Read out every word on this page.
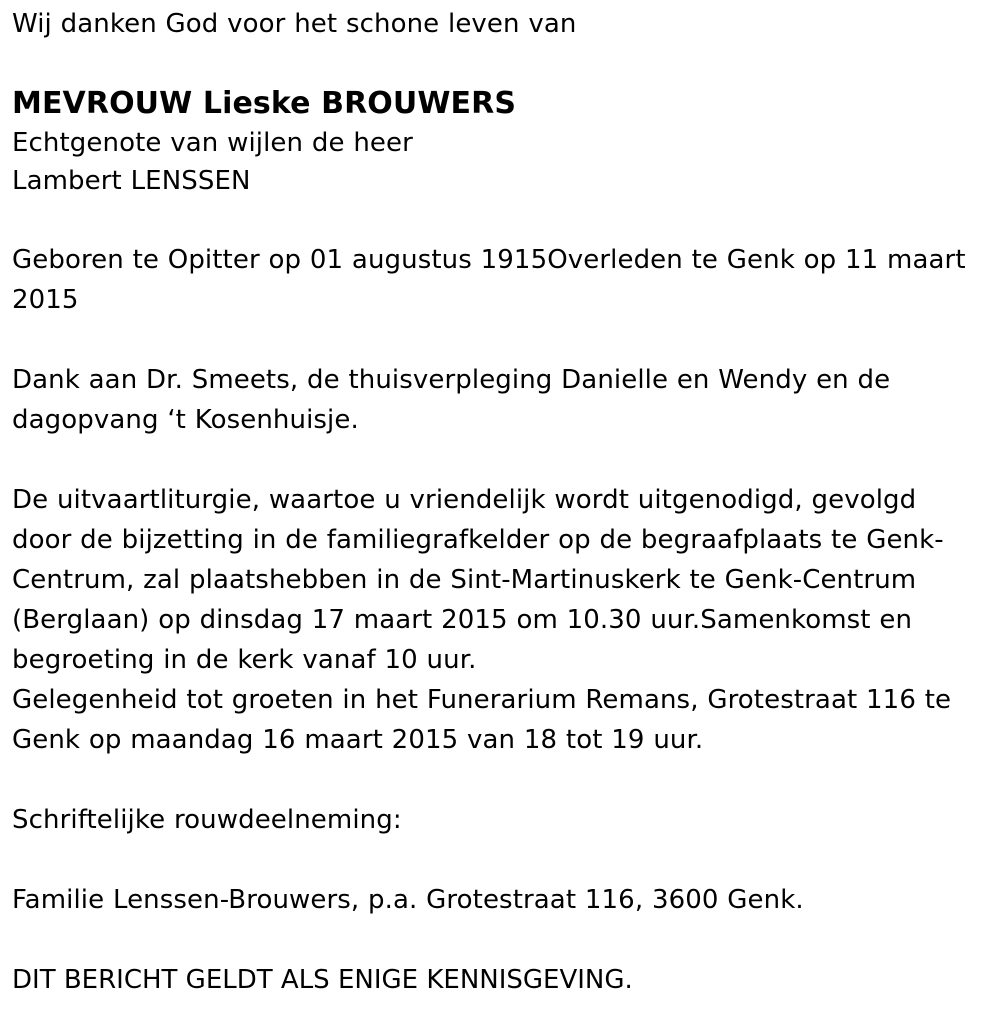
Wij danken God voor het schone leven van

MEVROUW Lieske BROUWERS

Echtgenote van wijlen de heer

Lambert LENSSEN

Geboren te Opitter op 01 augustus 1915Overleden te Genk op 11 maart 2015

Dank aan Dr. Smeets, de thuisverpleging Danielle en Wendy en de dagopvang ‘t Kosenhuisje.

De uitvaartliturgie, waartoe u vriendelijk wordt uitgenodigd, gevolgd door de bijzetting in de familiegrafkelder op de begraafplaats te Genk-Centrum, zal plaatshebben in de Sint-Martinuskerk te Genk-Centrum (Berglaan) op dinsdag 17 maart 2015 om 10.30 uur.Samenkomst en begroeting in de kerk vanaf 10 uur.

Gelegenheid tot groeten in het Funerarium Remans, Grotestraat 116 te Genk op maandag 16 maart 2015 van 18 tot 19 uur.

Schriftelijke rouwdeelneming:

Familie Lenssen-Brouwers, p.a. Grotestraat 116, 3600 Genk.

DIT BERICHT GELDT ALS ENIGE KENNISGEVING.
